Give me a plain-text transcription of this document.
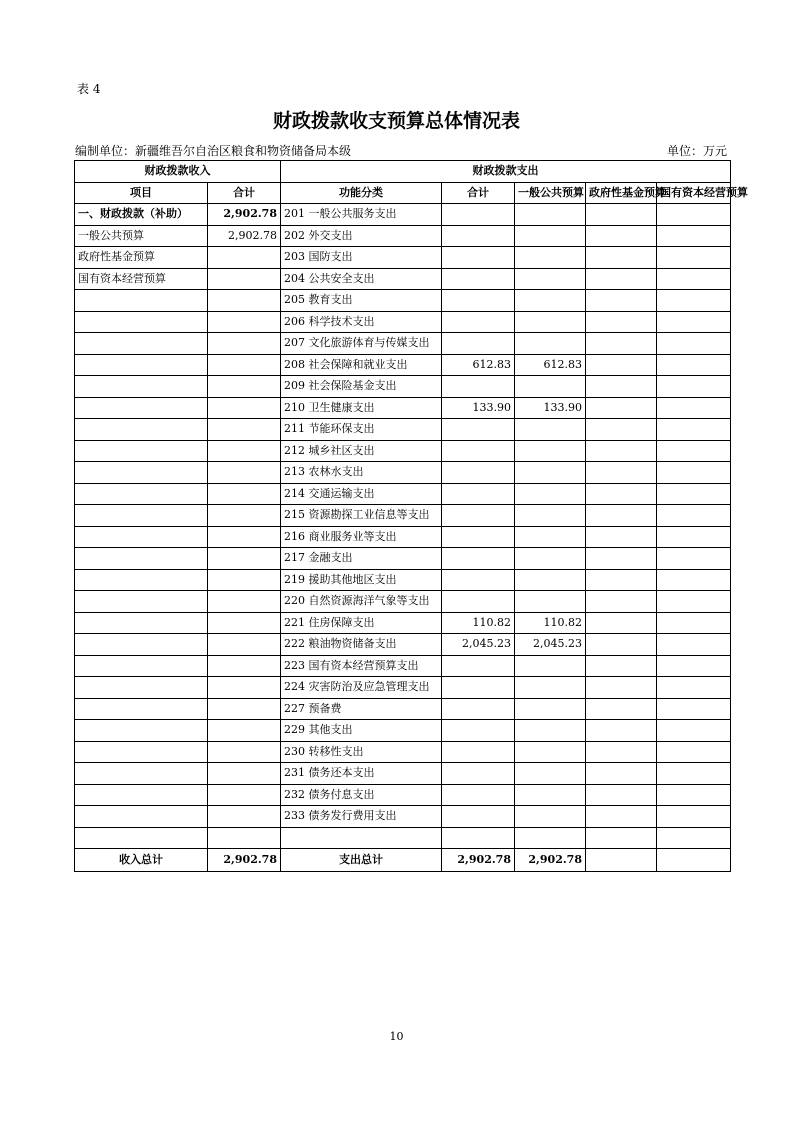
表 4
财政拨款收支预算总体情况表
编制单位：新疆维吾尔自治区粮食和物资储备局本级	单位：万元
财政拨款收入		财政拨款支出				
项目	合计	功能分类	合计	一般公共预算	政府性基金预算	国有资本经营预算
一、财政拨款（补助）	2,902.78	201 一般公共服务支出				
一般公共预算	2,902.78	202 外交支出				
政府性基金预算		203 国防支出				
国有资本经营预算		204 公共安全支出				
		205 教育支出				
		206 科学技术支出				
		207 文化旅游体育与传媒支出				
		208 社会保障和就业支出	612.83	612.83		
		209 社会保险基金支出				
		210 卫生健康支出	133.90	133.90		
		211 节能环保支出				
		212 城乡社区支出				
		213 农林水支出				
		214 交通运输支出				
		215 资源勘探工业信息等支出				
		216 商业服务业等支出				
		217 金融支出				
		219 援助其他地区支出				
		220 自然资源海洋气象等支出				
		221 住房保障支出	110.82	110.82		
		222 粮油物资储备支出	2,045.23	2,045.23		
		223 国有资本经营预算支出				
		224 灾害防治及应急管理支出				
		227 预备费				
		229 其他支出				
		230 转移性支出				
		231 债务还本支出				
		232 债务付息支出				
		233 债务发行费用支出				

收入总计	2,902.78	支出总计	2,902.78	2,902.78		
10
